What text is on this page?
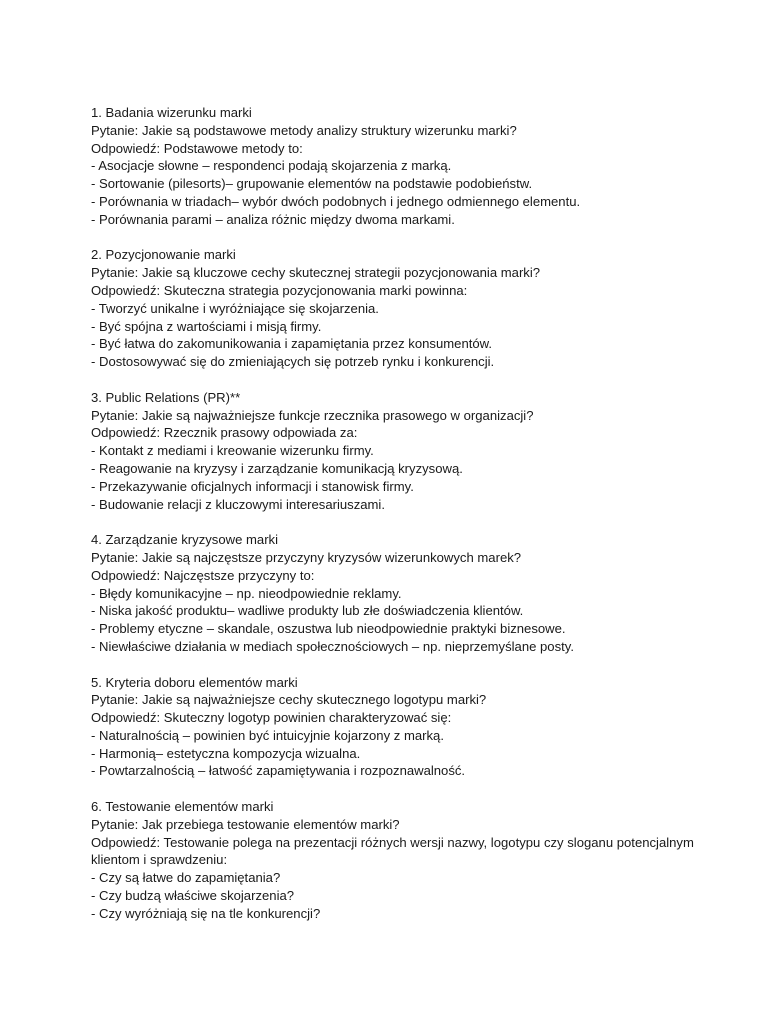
1. Badania wizerunku marki
Pytanie: Jakie są podstawowe metody analizy struktury wizerunku marki?
Odpowiedź: Podstawowe metody to:
- Asocjacje słowne – respondenci podają skojarzenia z marką.
- Sortowanie (pilesorts)– grupowanie elementów na podstawie podobieństw.
- Porównania w triadach– wybór dwóch podobnych i jednego odmiennego elementu.
- Porównania parami – analiza różnic między dwoma markami.
2. Pozycjonowanie marki
Pytanie: Jakie są kluczowe cechy skutecznej strategii pozycjonowania marki?
Odpowiedź: Skuteczna strategia pozycjonowania marki powinna:
- Tworzyć unikalne i wyróżniające się skojarzenia.
- Być spójna z wartościami i misją firmy.
- Być łatwa do zakomunikowania i zapamiętania przez konsumentów.
- Dostosowywać się do zmieniających się potrzeb rynku i konkurencji.
3. Public Relations (PR)**
Pytanie: Jakie są najważniejsze funkcje rzecznika prasowego w organizacji?
Odpowiedź: Rzecznik prasowy odpowiada za:
- Kontakt z mediami i kreowanie wizerunku firmy.
- Reagowanie na kryzysy i zarządzanie komunikacją kryzysową.
- Przekazywanie oficjalnych informacji i stanowisk firmy.
- Budowanie relacji z kluczowymi interesariuszami.
4. Zarządzanie kryzysowe marki
Pytanie: Jakie są najczęstsze przyczyny kryzysów wizerunkowych marek?
Odpowiedź: Najczęstsze przyczyny to:
- Błędy komunikacyjne – np. nieodpowiednie reklamy.
- Niska jakość produktu– wadliwe produkty lub złe doświadczenia klientów.
- Problemy etyczne – skandale, oszustwa lub nieodpowiednie praktyki biznesowe.
- Niewłaściwe działania w mediach społecznościowych – np. nieprzemyślane posty.
5. Kryteria doboru elementów marki
Pytanie: Jakie są najważniejsze cechy skutecznego logotypu marki?
Odpowiedź: Skuteczny logotyp powinien charakteryzować się:
- Naturalnością – powinien być intuicyjnie kojarzony z marką.
- Harmonią– estetyczna kompozycja wizualna.
- Powtarzalnością – łatwość zapamiętywania i rozpoznawalność.
6. Testowanie elementów marki
Pytanie: Jak przebiega testowanie elementów marki?
Odpowiedź: Testowanie polega na prezentacji różnych wersji nazwy, logotypu czy sloganu potencjalnym klientom i sprawdzeniu:
- Czy są łatwe do zapamiętania?
- Czy budzą właściwe skojarzenia?
- Czy wyróżniają się na tle konkurencji?
